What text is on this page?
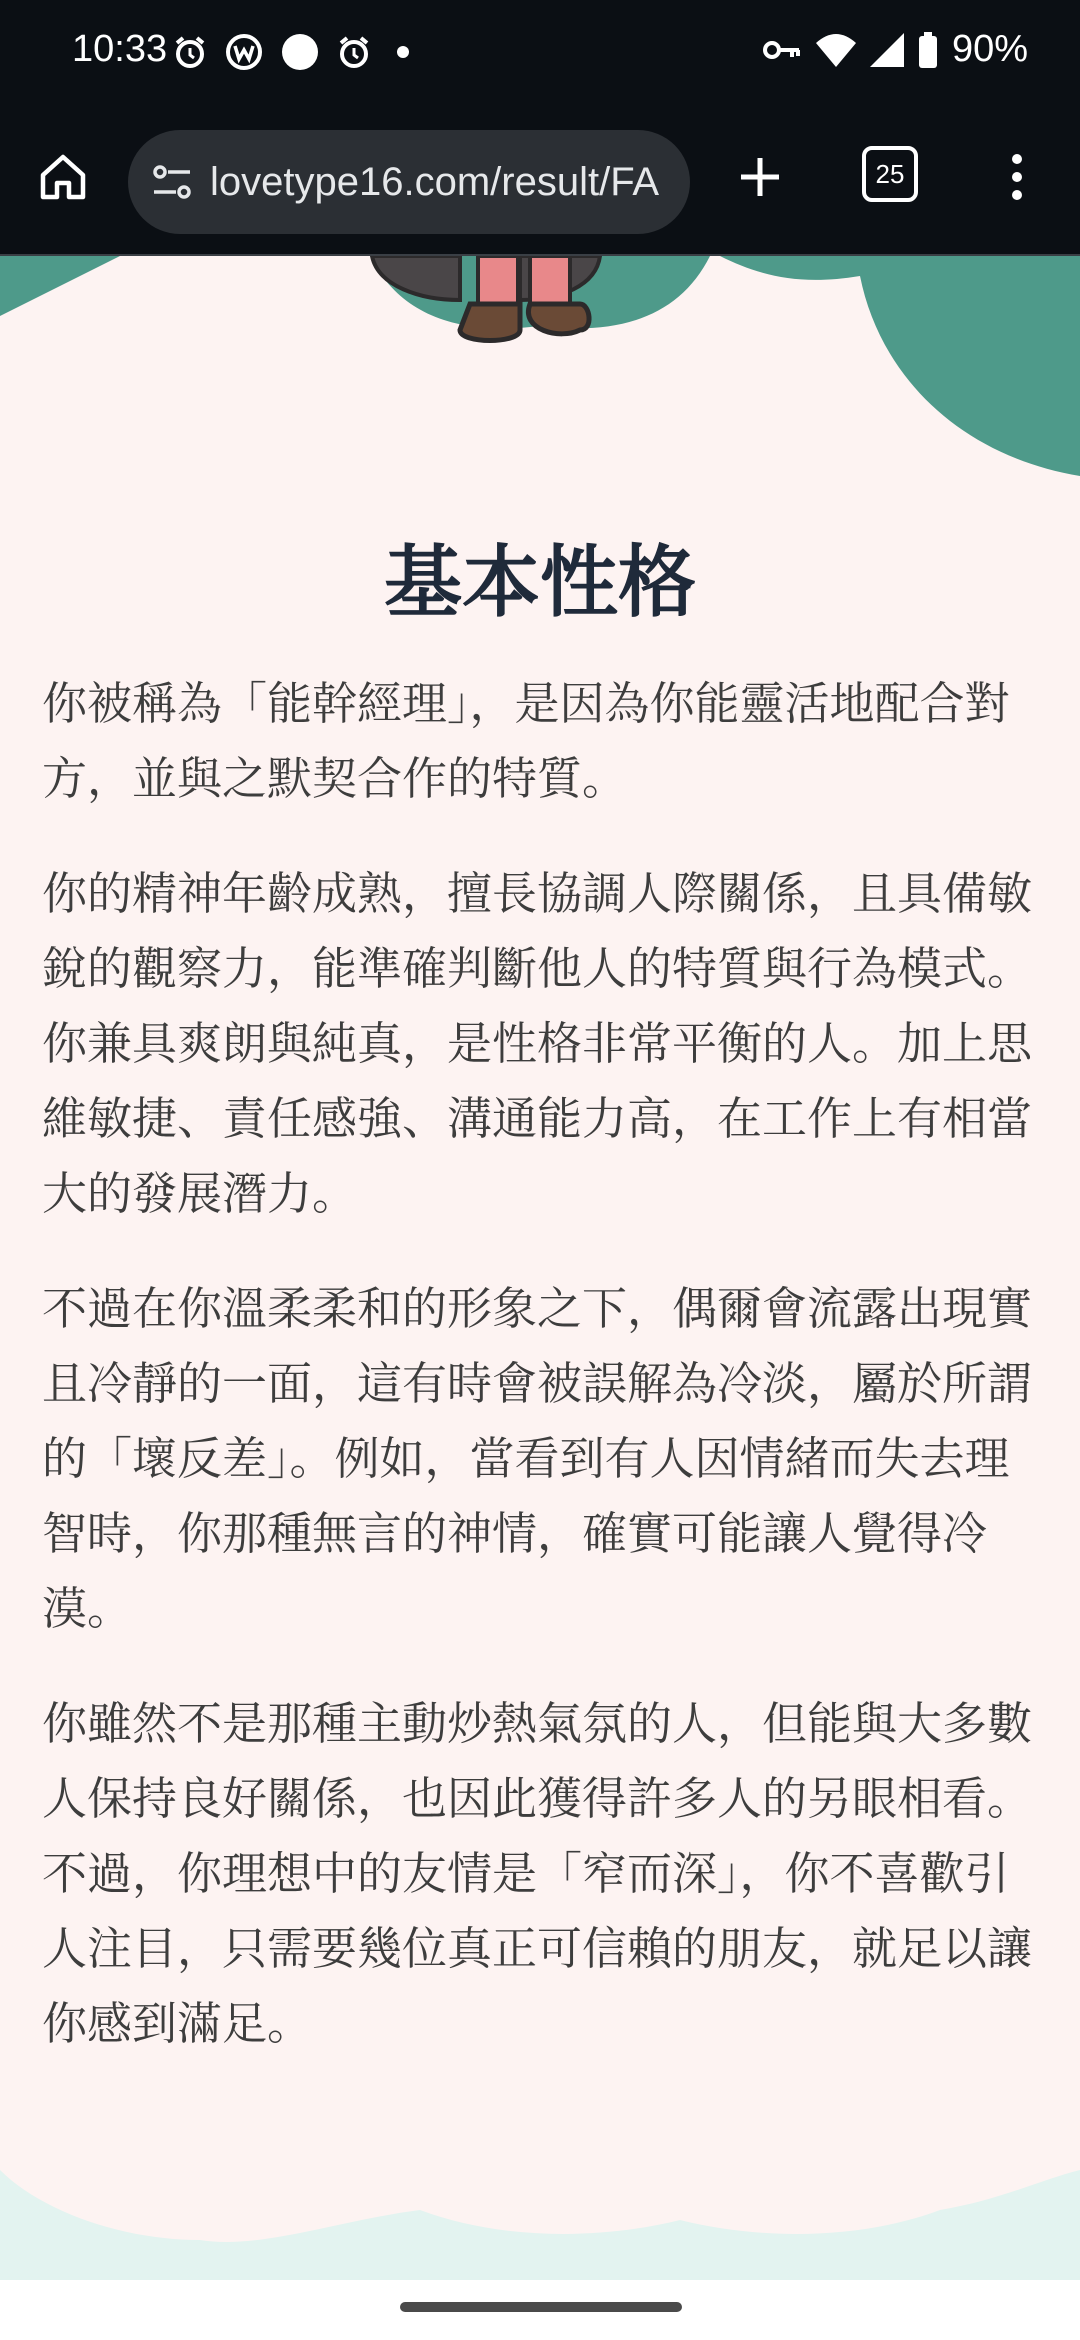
10:33	90%
lovetype16.com/result/FA	25
基本性格

你被稱為「能幹經理」，是因為你能靈活地配合對方，並與之默契合作的特質。

你的精神年齡成熟，擅長協調人際關係，且具備敏銳的觀察力，能準確判斷他人的特質與行為模式。你兼具爽朗與純真，是性格非常平衡的人。加上思維敏捷、責任感強、溝通能力高，在工作上有相當大的發展潛力。

不過在你溫柔柔和的形象之下，偶爾會流露出現實且冷靜的一面，這有時會被誤解為冷淡，屬於所謂的「壞反差」。例如，當看到有人因情緒而失去理智時，你那種無言的神情，確實可能讓人覺得冷漠。

你雖然不是那種主動炒熱氣氛的人，但能與大多數人保持良好關係，也因此獲得許多人的另眼相看。不過，你理想中的友情是「窄而深」，你不喜歡引人注目，只需要幾位真正可信賴的朋友，就足以讓你感到滿足。
